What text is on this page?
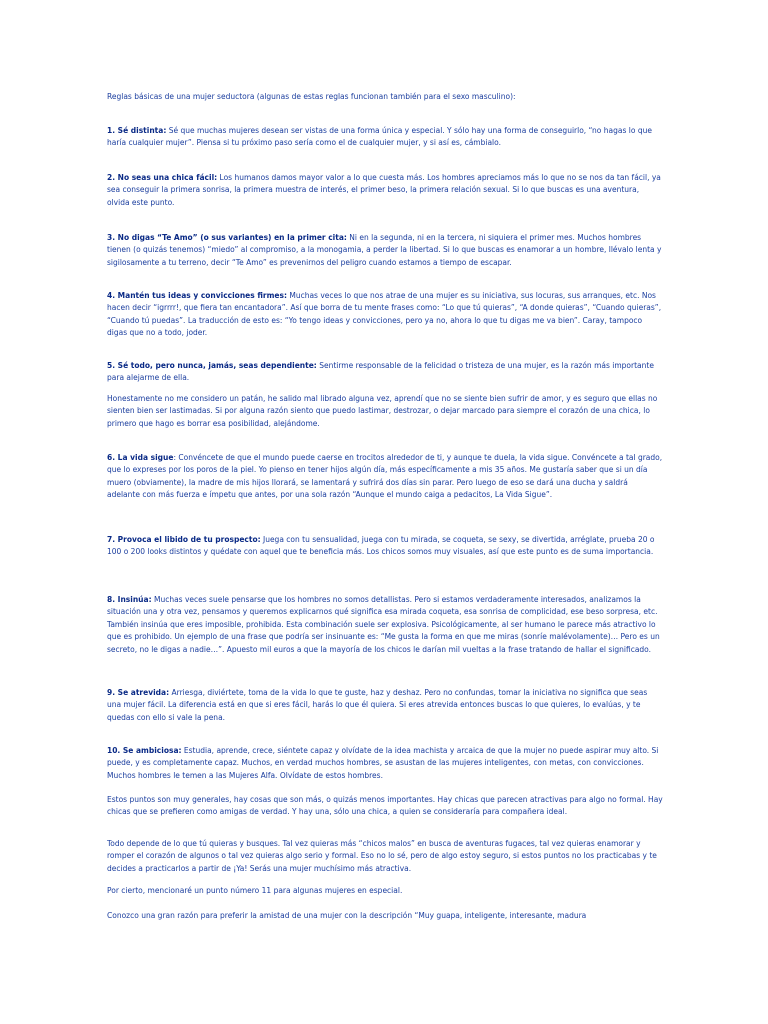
Reglas básicas de una mujer seductora (algunas de estas reglas funcionan también para el sexo masculino):

1. Sé distinta: Sé que muchas mujeres desean ser vistas de una forma única y especial. Y sólo hay una forma de conseguirlo, “no hagas lo que haría cualquier mujer”. Piensa si tu próximo paso sería como el de cualquier mujer, y si así es, cámbialo.

2. No seas una chica fácil: Los humanos damos mayor valor a lo que cuesta más. Los hombres apreciamos más lo que no se nos da tan fácil, ya sea conseguir la primera sonrisa, la primera muestra de interés, el primer beso, la primera relación sexual. Si lo que buscas es una aventura, olvida este punto.

3. No digas “Te Amo” (o sus variantes) en la primer cita: Ni en la segunda, ni en la tercera, ni siquiera el primer mes. Muchos hombres tienen (o quizás tenemos) “miedo” al compromiso, a la monogamia, a perder la libertad. Si lo que buscas es enamorar a un hombre, llévalo lenta y sigilosamente a tu terreno, decir “Te Amo” es prevenirnos del peligro cuando estamos a tiempo de escapar.

4. Mantén tus ideas y convicciones firmes: Muchas veces lo que nos atrae de una mujer es su iniciativa, sus locuras, sus arranques, etc. Nos hacen decir “igrrrr!, que fiera tan encantadora”. Así que borra de tu mente frases como: “Lo que tú quieras”, “A donde quieras”, “Cuando quieras”, “Cuando tú puedas”. La traducción de esto es: “Yo tengo ideas y convicciones, pero ya no, ahora lo que tu digas me va bien”. Caray, tampoco digas que no a todo, joder.

5. Sé todo, pero nunca, jamás, seas dependiente: Sentirme responsable de la felicidad o tristeza de una mujer, es la razón más importante para alejarme de ella.

Honestamente no me considero un patán, he salido mal librado alguna vez, aprendí que no se siente bien sufrir de amor, y es seguro que ellas no sienten bien ser lastimadas. Si por alguna razón siento que puedo lastimar, destrozar, o dejar marcado para siempre el corazón de una chica, lo primero que hago es borrar esa posibilidad, alejándome.

6. La vida sigue: Convéncete de que el mundo puede caerse en trocitos alrededor de ti, y aunque te duela, la vida sigue. Convéncete a tal grado, que lo expreses por los poros de la piel. Yo pienso en tener hijos algún día, más específicamente a mis 35 años. Me gustaría saber que si un día muero (obviamente), la madre de mis hijos llorará, se lamentará y sufrirá dos días sin parar. Pero luego de eso se dará una ducha y saldrá adelante con más fuerza e ímpetu que antes, por una sola razón “Aunque el mundo caiga a pedacitos, La Vida Sigue”.

7. Provoca el libido de tu prospecto: Juega con tu sensualidad, juega con tu mirada, se coqueta, se sexy, se divertida, arréglate, prueba 20 o 100 o 200 looks distintos y quédate con aquel que te beneficia más. Los chicos somos muy visuales, así que este punto es de suma importancia.

8. Insinúa: Muchas veces suele pensarse que los hombres no somos detallistas. Pero si estamos verdaderamente interesados, analizamos la situación una y otra vez, pensamos y queremos explicarnos qué significa esa mirada coqueta, esa sonrisa de complicidad, ese beso sorpresa, etc. También insinúa que eres imposible, prohibida. Esta combinación suele ser explosiva. Psicológicamente, al ser humano le parece más atractivo lo que es prohibido. Un ejemplo de una frase que podría ser insinuante es: “Me gusta la forma en que me miras (sonríe malévolamente)… Pero es un secreto, no le digas a nadie…”. Apuesto mil euros a que la mayoría de los chicos le darían mil vueltas a la frase tratando de hallar el significado.

9. Se atrevida: Arriesga, diviértete, toma de la vida lo que te guste, haz y deshaz. Pero no confundas, tomar la iniciativa no significa que seas una mujer fácil. La diferencia está en que si eres fácil, harás lo que él quiera. Si eres atrevida entonces buscas lo que quieres, lo evalúas, y te quedas con ello si vale la pena.

10. Se ambiciosa: Estudia, aprende, crece, siéntete capaz y olvídate de la idea machista y arcaica de que la mujer no puede aspirar muy alto. Si puede, y es completamente capaz. Muchos, en verdad muchos hombres, se asustan de las mujeres inteligentes, con metas, con convicciones. Muchos hombres le temen a las Mujeres Alfa. Olvídate de estos hombres.

Estos puntos son muy generales, hay cosas que son más, o quizás menos importantes. Hay chicas que parecen atractivas para algo no formal. Hay chicas que se prefieren como amigas de verdad. Y hay una, sólo una chica, a quien se consideraría para compañera ideal.

Todo depende de lo que tú quieras y busques. Tal vez quieras más “chicos malos” en busca de aventuras fugaces, tal vez quieras enamorar y romper el corazón de algunos o tal vez quieras algo serio y formal. Eso no lo sé, pero de algo estoy seguro, si estos puntos no los practicabas y te decides a practicarlos a partir de ¡Ya! Serás una mujer muchísimo más atractiva.

Por cierto, mencionaré un punto número 11 para algunas mujeres en especial.

Conozco una gran razón para preferir la amistad de una mujer con la descripción “Muy guapa, inteligente, interesante, madura
